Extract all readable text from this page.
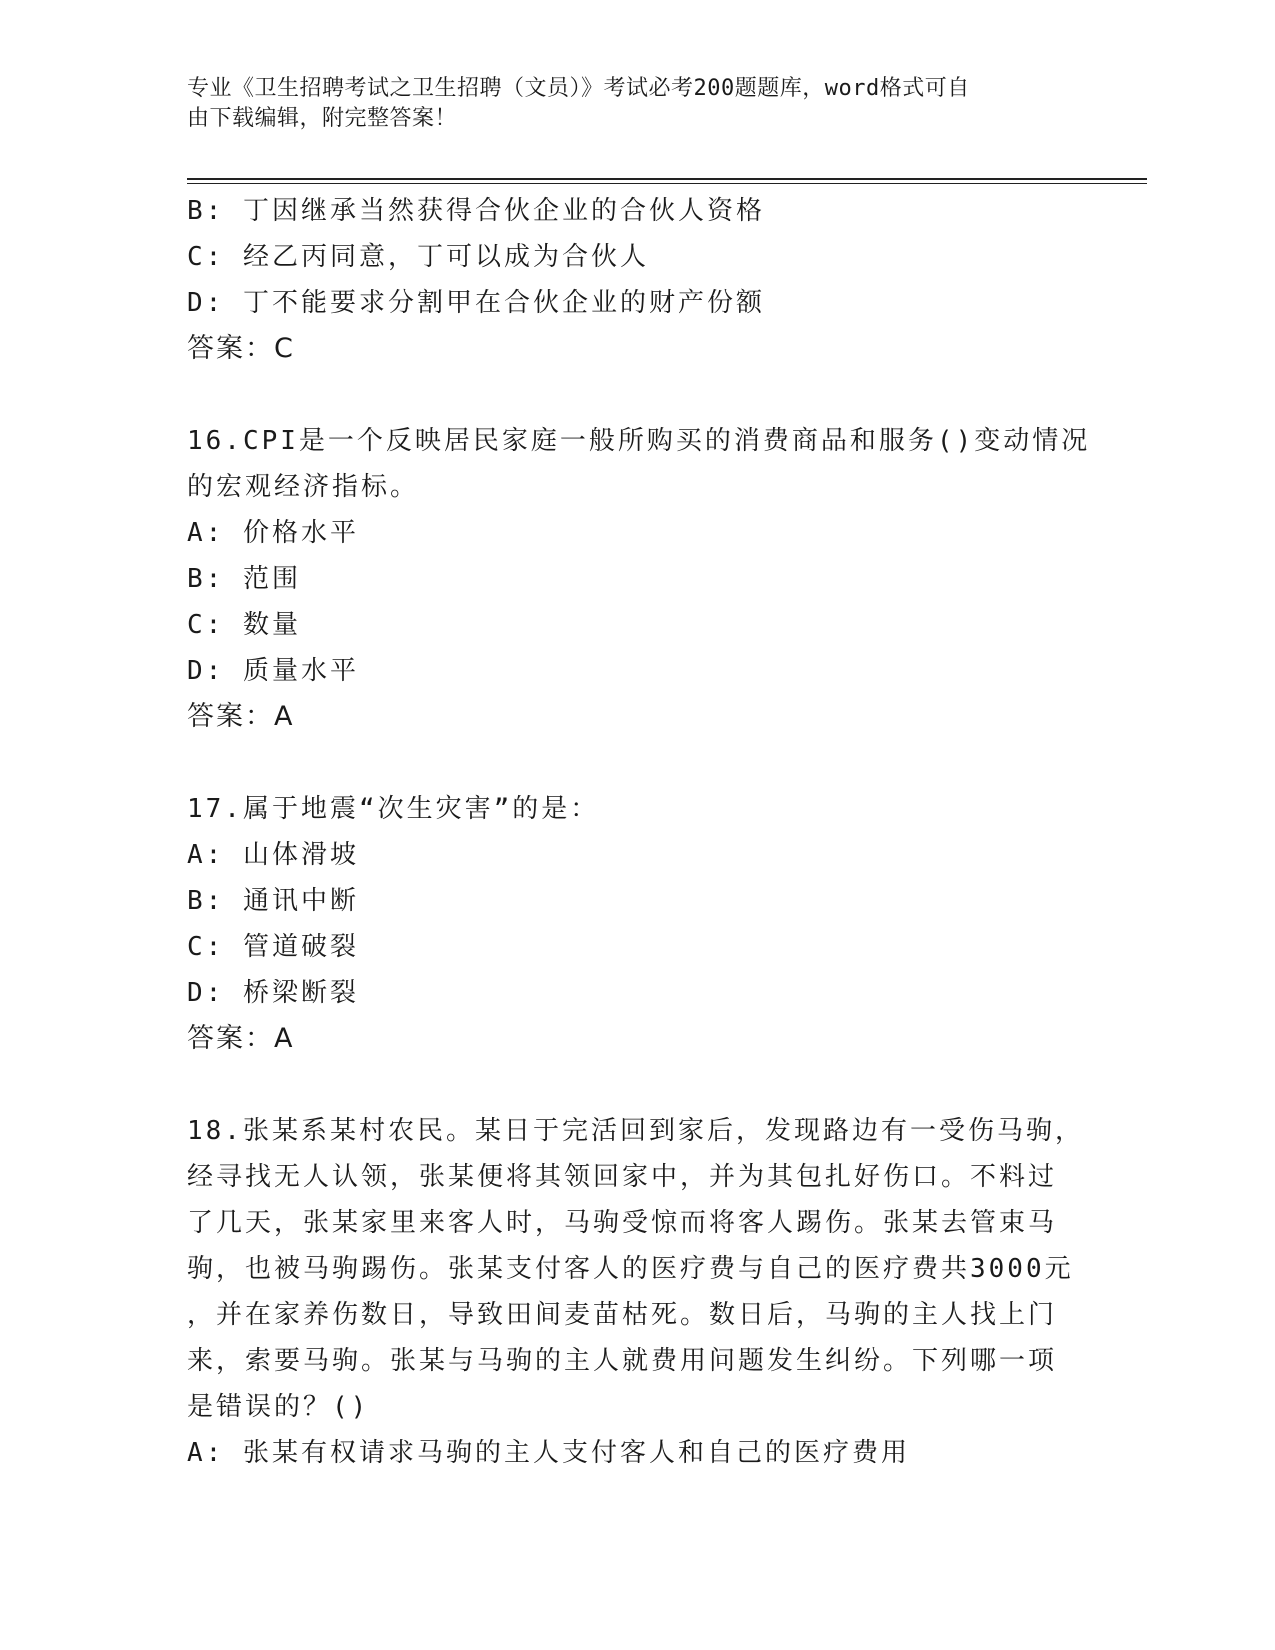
专业《卫生招聘考试之卫生招聘（文员）》考试必考200题题库，word格式可自
由下载编辑，附完整答案！
B: 丁因继承当然获得合伙企业的合伙人资格
C: 经乙丙同意，丁可以成为合伙人
D: 丁不能要求分割甲在合伙企业的财产份额
答案：C
16.CPI是一个反映居民家庭一般所购买的消费商品和服务()变动情况
的宏观经济指标。
A: 价格水平
B: 范围
C: 数量
D: 质量水平
答案：A
17.属于地震“次生灾害”的是：
A: 山体滑坡
B: 通讯中断
C: 管道破裂
D: 桥梁断裂
答案：A
18.张某系某村农民。某日于完活回到家后，发现路边有一受伤马驹，
经寻找无人认领，张某便将其领回家中，并为其包扎好伤口。不料过
了几天，张某家里来客人时，马驹受惊而将客人踢伤。张某去管束马
驹，也被马驹踢伤。张某支付客人的医疗费与自己的医疗费共3000元
，并在家养伤数日，导致田间麦苗枯死。数日后，马驹的主人找上门
来，索要马驹。张某与马驹的主人就费用问题发生纠纷。下列哪一项
是错误的？()
A: 张某有权请求马驹的主人支付客人和自己的医疗费用
